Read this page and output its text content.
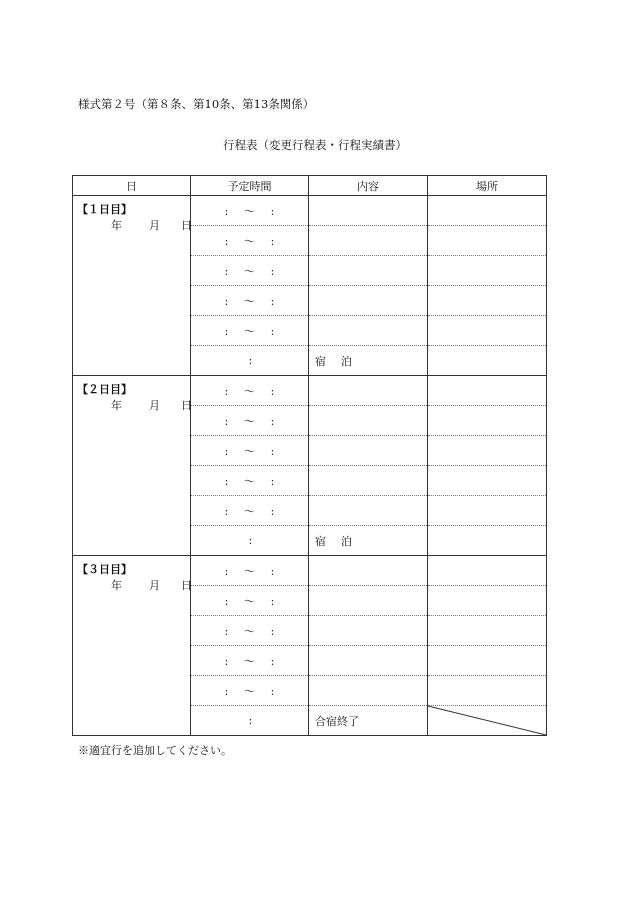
様式第２号（第８条、第10条、第13条関係）
行程表（変更行程表・行程実績書）
日	予定時間	内容	場所

【１日目】
年 月 日	: 〜 :		
	: 〜 :		
	: 〜 :		
	: 〜 :		
	: 〜 :		
	:	宿 泊	

【２日目】
年 月 日	: 〜 :		
	: 〜 :		
	: 〜 :		
	: 〜 :		
	: 〜 :		
	:	宿 泊	

【３日目】
年 月 日	: 〜 :		
	: 〜 :		
	: 〜 :		
	: 〜 :		
	: 〜 :		
	:	合宿終了	
※適宜行を追加してください。
